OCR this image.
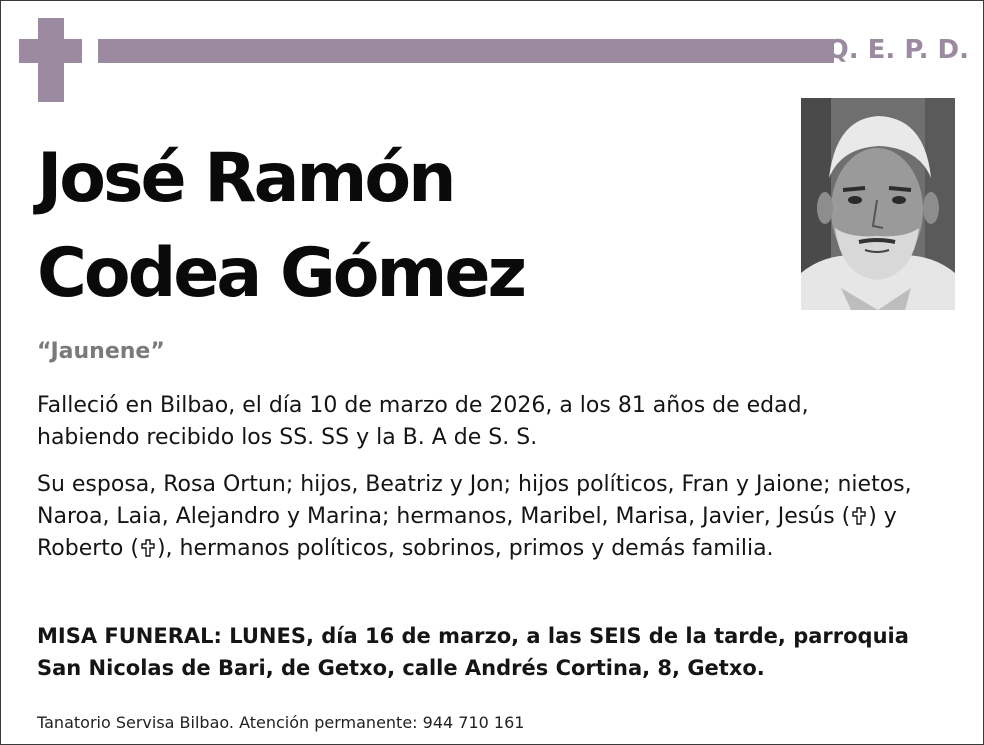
Q. E. P. D.
José Ramón
Codea Gómez
“Jaunene”
Falleció en Bilbao, el día 10 de marzo de 2026, a los 81 años de edad,
habiendo recibido los SS. SS y la B. A de S. S.
Su esposa, Rosa Ortun; hijos, Beatriz y Jon; hijos políticos, Fran y Jaione; nietos, Naroa, Laia, Alejandro y Marina; hermanos, Maribel, Marisa, Javier, Jesús ( ) y Roberto ( ), hermanos políticos, sobrinos, primos y demás familia.
MISA FUNERAL: LUNES, día 16 de marzo, a las SEIS de la tarde, parroquia
San Nicolas de Bari, de Getxo, calle Andrés Cortina, 8, Getxo.
Tanatorio Servisa Bilbao. Atención permanente: 944 710 161
